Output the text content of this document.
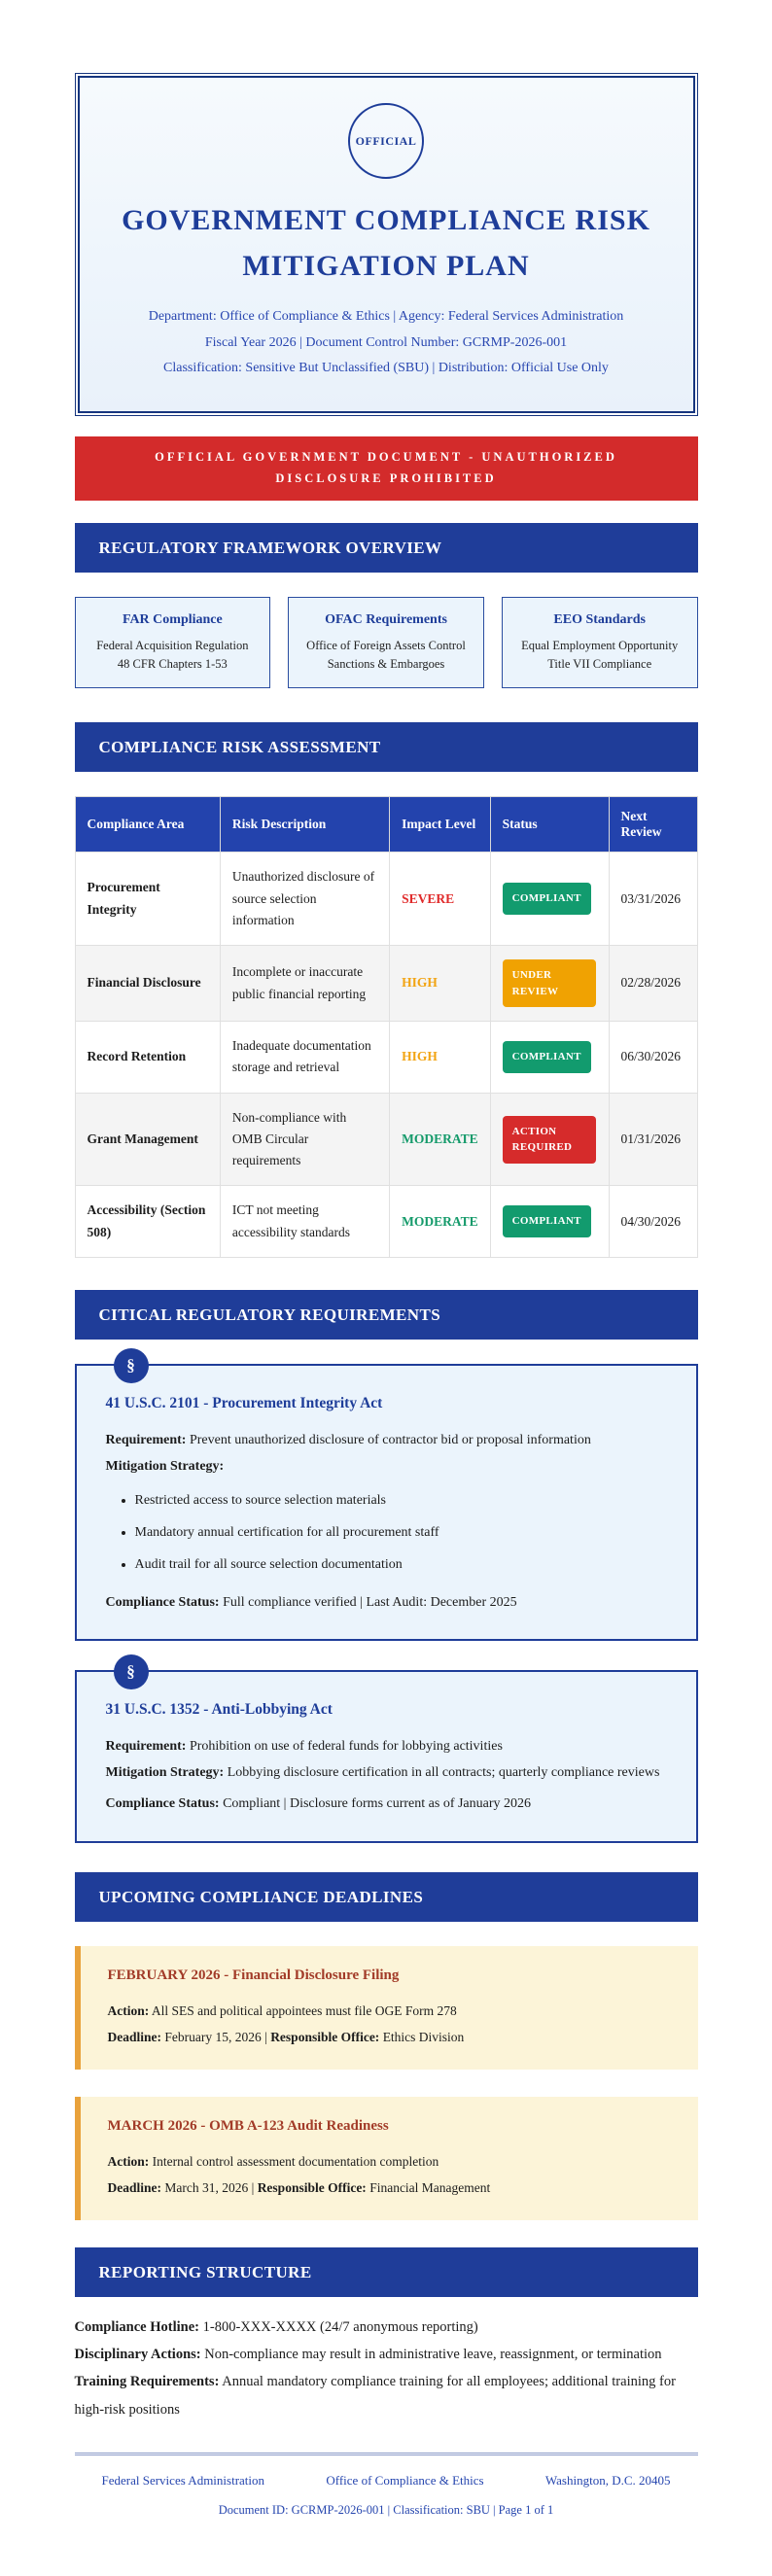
OFFICIAL
GOVERNMENT COMPLIANCE RISK
MITIGATION PLAN
Department: Office of Compliance & Ethics | Agency: Federal Services Administration
Fiscal Year 2026 | Document Control Number: GCRMP-2026-001
Classification: Sensitive But Unclassified (SBU) | Distribution: Official Use Only
OFFICIAL GOVERNMENT DOCUMENT - UNAUTHORIZED DISCLOSURE PROHIBITED
REGULATORY FRAMEWORK OVERVIEW
FAR Compliance
Federal Acquisition Regulation
48 CFR Chapters 1-53
OFAC Requirements
Office of Foreign Assets Control
Sanctions & Embargoes
EEO Standards
Equal Employment Opportunity
Title VII Compliance
COMPLIANCE RISK ASSESSMENT
Compliance Area	Risk Description	Impact Level	Status	Next Review
Procurement Integrity	Unauthorized disclosure of source selection information	SEVERE	COMPLIANT	03/31/2026
Financial Disclosure	Incomplete or inaccurate public financial reporting	HIGH	UNDER REVIEW	02/28/2026
Record Retention	Inadequate documentation storage and retrieval	HIGH	COMPLIANT	06/30/2026
Grant Management	Non-compliance with OMB Circular requirements	MODERATE	ACTION REQUIRED	01/31/2026
Accessibility (Section 508)	ICT not meeting accessibility standards	MODERATE	COMPLIANT	04/30/2026
CITICAL REGULATORY REQUIREMENTS
§
41 U.S.C. 2101 - Procurement Integrity Act
Requirement: Prevent unauthorized disclosure of contractor bid or proposal information
Mitigation Strategy:
• Restricted access to source selection materials
• Mandatory annual certification for all procurement staff
• Audit trail for all source selection documentation
Compliance Status: Full compliance verified | Last Audit: December 2025
§
31 U.S.C. 1352 - Anti-Lobbying Act
Requirement: Prohibition on use of federal funds for lobbying activities
Mitigation Strategy: Lobbying disclosure certification in all contracts; quarterly compliance reviews
Compliance Status: Compliant | Disclosure forms current as of January 2026
UPCOMING COMPLIANCE DEADLINES
FEBRUARY 2026 - Financial Disclosure Filing
Action: All SES and political appointees must file OGE Form 278
Deadline: February 15, 2026 | Responsible Office: Ethics Division
MARCH 2026 - OMB A-123 Audit Readiness
Action: Internal control assessment documentation completion
Deadline: March 31, 2026 | Responsible Office: Financial Management
REPORTING STRUCTURE
Compliance Hotline: 1-800-XXX-XXXX (24/7 anonymous reporting)
Disciplinary Actions: Non-compliance may result in administrative leave, reassignment, or termination
Training Requirements: Annual mandatory compliance training for all employees; additional training for high-risk positions
Federal Services Administration	Office of Compliance & Ethics	Washington, D.C. 20405
Document ID: GCRMP-2026-001 | Classification: SBU | Page 1 of 1
